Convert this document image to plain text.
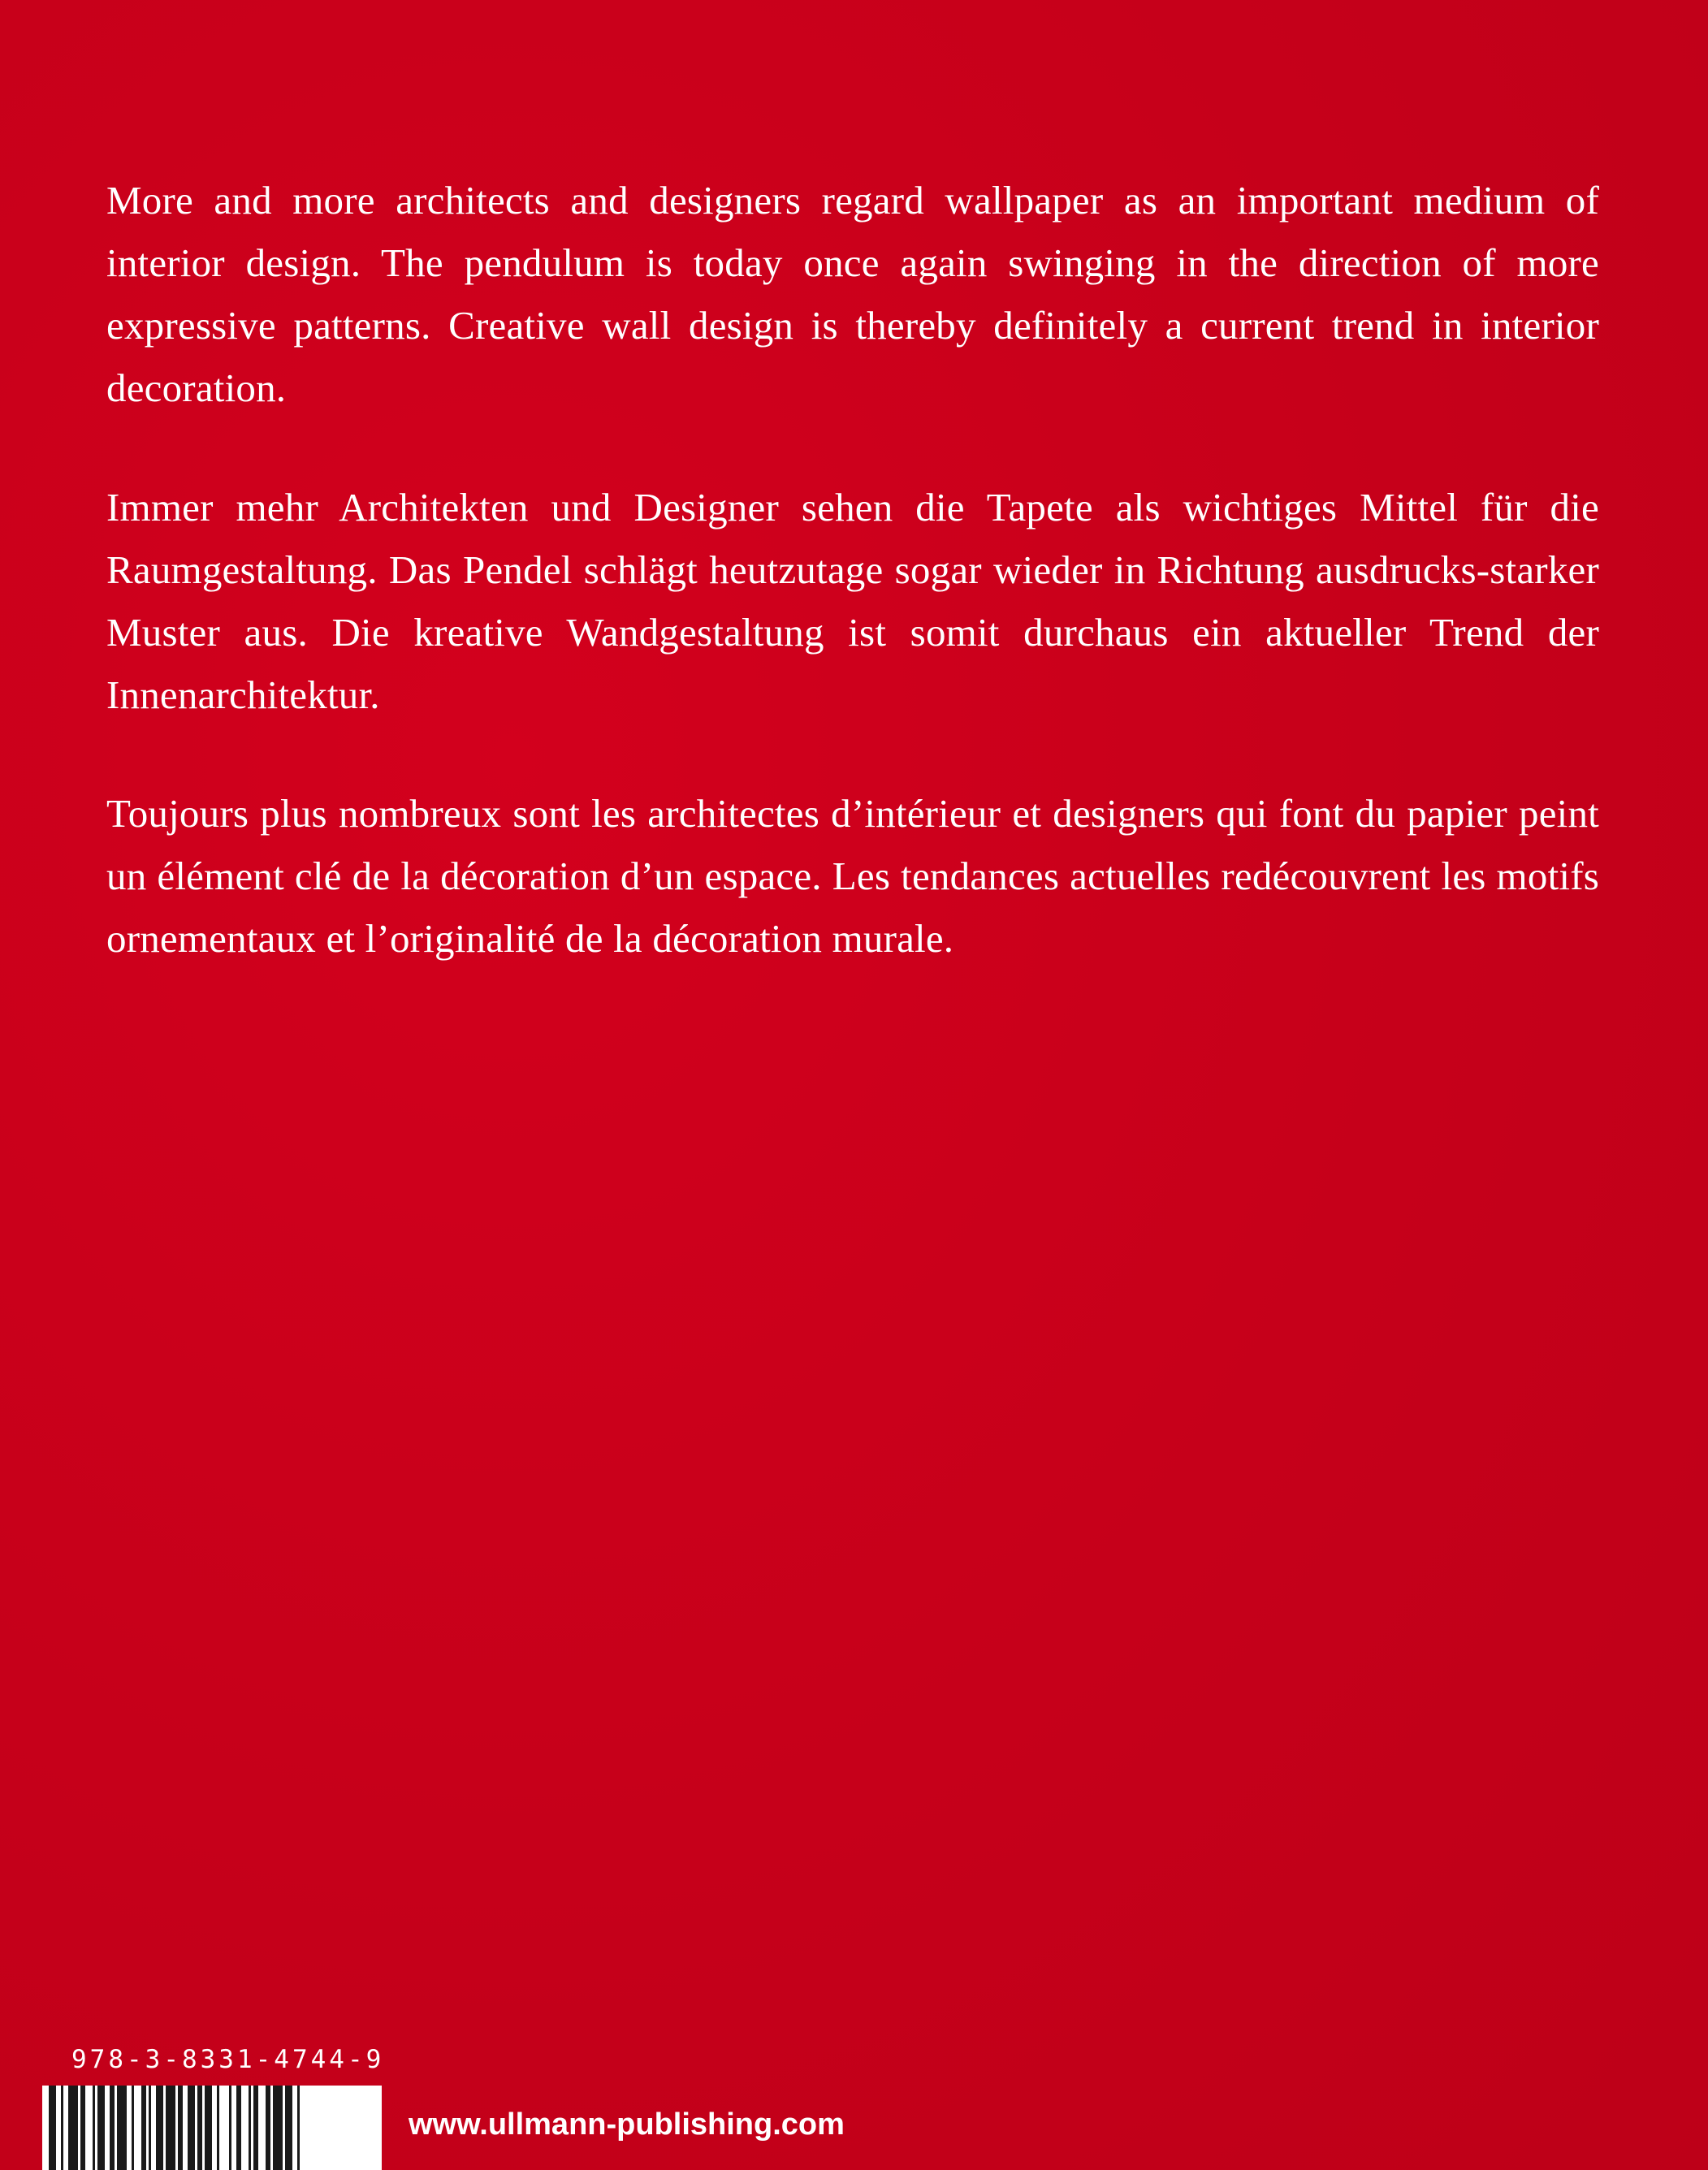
More and more architects and designers regard wallpaper as an important medium of interior design. The pendulum is today once again swinging in the direction of more expressive patterns. Creative wall design is thereby definitely a current trend in interior decoration.

Immer mehr Architekten und Designer sehen die Tapete als wichtiges Mittel für die Raumgestaltung. Das Pendel schlägt heutzutage sogar wieder in Richtung ausdrucks-starker Muster aus. Die kreative Wandgestaltung ist somit durchaus ein aktueller Trend der Innenarchitektur.

Toujours plus nombreux sont les architectes d’intérieur et designers qui font du papier peint un élément clé de la décoration d’un espace. Les tendances actuelles redécouvrent les motifs ornementaux et l’originalité de la décoration murale.

978-3-8331-4744-9
www.ullmann-publishing.com
